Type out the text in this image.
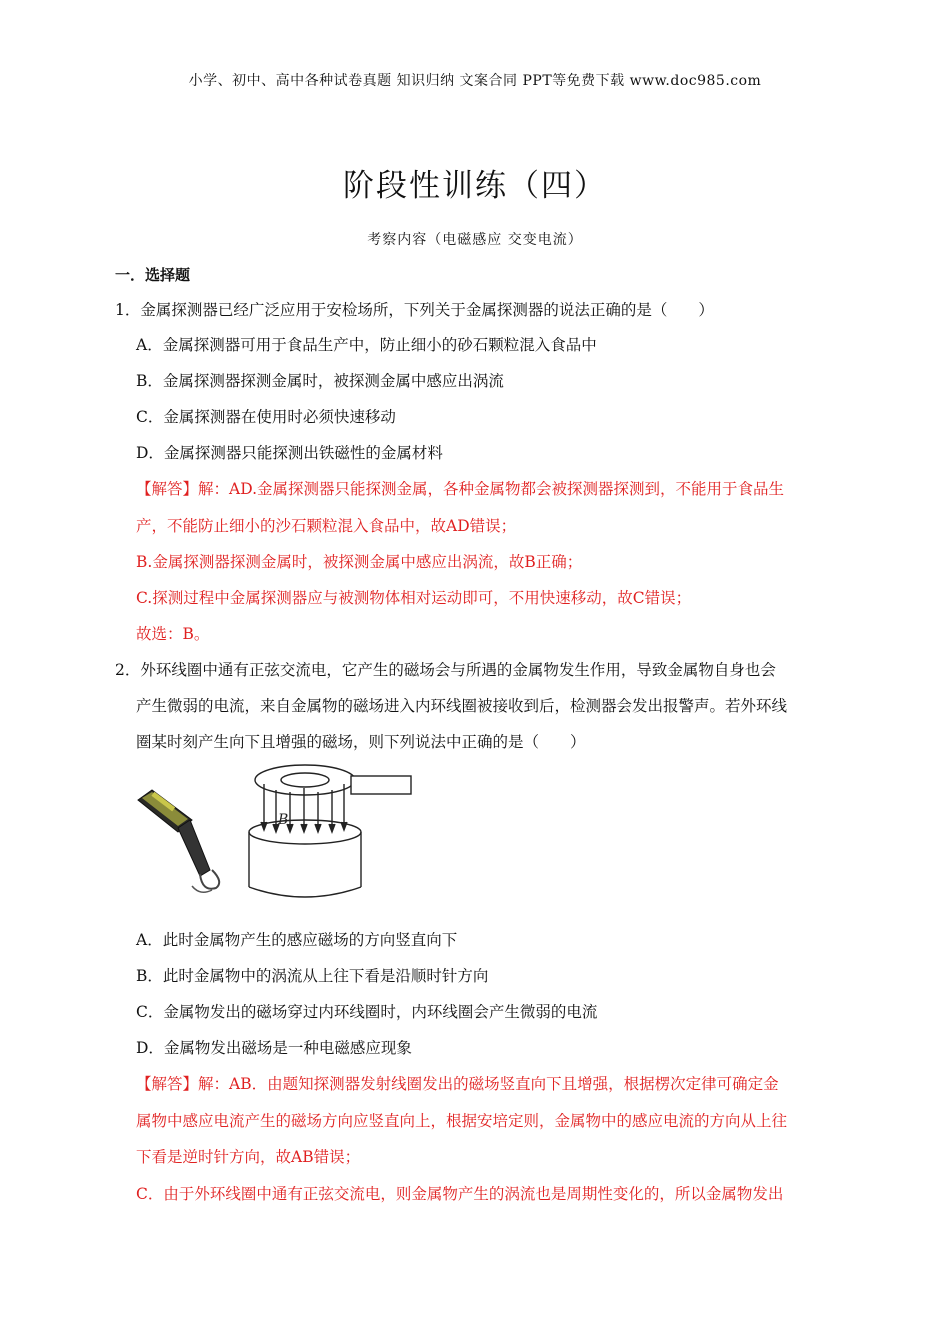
小学、初中、高中各种试卷真题 知识归纳 文案合同 PPT等免费下载 www.doc985.com
阶段性训练（四）
考察内容（电磁感应 交变电流）
一．选择题
1．金属探测器已经广泛应用于安检场所，下列关于金属探测器的说法正确的是（　　）
A．金属探测器可用于食品生产中，防止细小的砂石颗粒混入食品中
B．金属探测器探测金属时，被探测金属中感应出涡流
C．金属探测器在使用时必须快速移动
D．金属探测器只能探测出铁磁性的金属材料
【解答】解：AD.金属探测器只能探测金属，各种金属物都会被探测器探测到，不能用于食品生
产，不能防止细小的沙石颗粒混入食品中，故AD错误；
B.金属探测器探测金属时，被探测金属中感应出涡流，故B正确；
C.探测过程中金属探测器应与被测物体相对运动即可，不用快速移动，故C错误；
故选：B。
2．外环线圈中通有正弦交流电，它产生的磁场会与所遇的金属物发生作用，导致金属物自身也会
产生微弱的电流，来自金属物的磁场进入内环线圈被接收到后，检测器会发出报警声。若外环线
圈某时刻产生向下且增强的磁场，则下列说法中正确的是（　　）
B
A．此时金属物产生的感应磁场的方向竖直向下
B．此时金属物中的涡流从上往下看是沿顺时针方向
C．金属物发出的磁场穿过内环线圈时，内环线圈会产生微弱的电流
D．金属物发出磁场是一种电磁感应现象
【解答】解：AB．由题知探测器发射线圈发出的磁场竖直向下且增强，根据楞次定律可确定金
属物中感应电流产生的磁场方向应竖直向上，根据安培定则，金属物中的感应电流的方向从上往
下看是逆时针方向，故AB错误；
C．由于外环线圈中通有正弦交流电，则金属物产生的涡流也是周期性变化的，所以金属物发出
